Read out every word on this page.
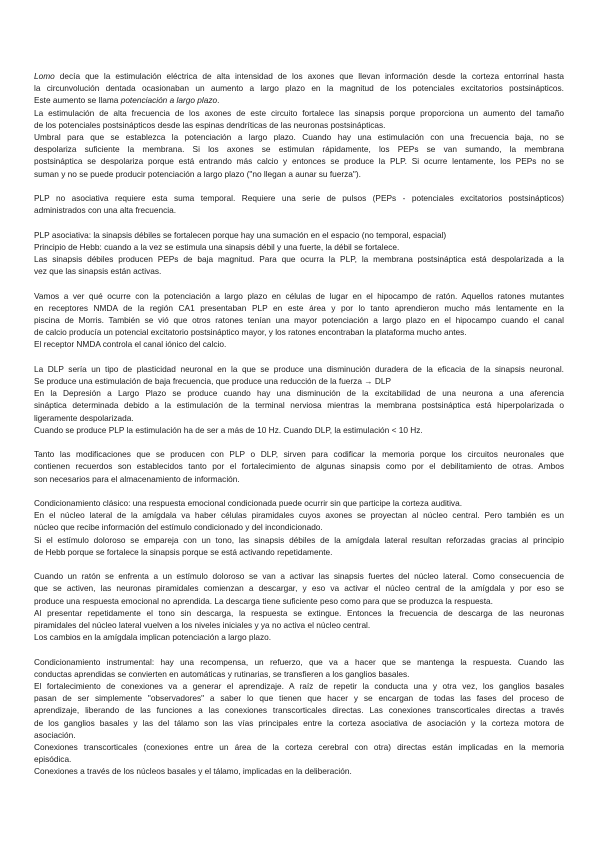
Lomo decía que la estimulación eléctrica de alta intensidad de los axones que llevan información desde la corteza entorrinal hasta
la circunvolución dentada ocasionaban un aumento a largo plazo en la magnitud de los potenciales excitatorios postsinápticos.
Este aumento se llama potenciación a largo plazo.
La estimulación de alta frecuencia de los axones de este circuito fortalece las sinapsis porque proporciona un aumento del tamaño
de los potenciales postsinápticos desde las espinas dendríticas de las neuronas postsinápticas.
Umbral para que se establezca la potenciación a largo plazo. Cuando hay una estimulación con una frecuencia baja, no se
despolariza suficiente la membrana. Si los axones se estimulan rápidamente, los PEPs se van sumando, la membrana
postsináptica se despolariza porque está entrando más calcio y entonces se produce la PLP. Si ocurre lentamente, los PEPs no se
suman y no se puede producir potenciación a largo plazo ("no llegan a aunar su fuerza").
PLP no asociativa requiere esta suma temporal. Requiere una serie de pulsos (PEPs - potenciales excitatorios postsinápticos)
administrados con una alta frecuencia.
PLP asociativa: la sinapsis débiles se fortalecen porque hay una sumación en el espacio (no temporal, espacial)
Principio de Hebb: cuando a la vez se estimula una sinapsis débil y una fuerte, la débil se fortalece.
Las sinapsis débiles producen PEPs de baja magnitud. Para que ocurra la PLP, la membrana postsináptica está despolarizada a la
vez que las sinapsis están activas.
Vamos a ver qué ocurre con la potenciación a largo plazo en células de lugar en el hipocampo de ratón. Aquellos ratones mutantes
en receptores NMDA de la región CA1 presentaban PLP en este área y por lo tanto aprendieron mucho más lentamente en la
piscina de Morris. También se vió que otros ratones tenían una mayor potenciación a largo plazo en el hipocampo cuando el canal
de calcio producía un potencial excitatorio postsináptico mayor, y los ratones encontraban la plataforma mucho antes.
El receptor NMDA controla el canal iónico del calcio.
La DLP sería un tipo de plasticidad neuronal en la que se produce una disminución duradera de la eficacia de la sinapsis neuronal.
Se produce una estimulación de baja frecuencia, que produce una reducción de la fuerza → DLP
En la Depresión a Largo Plazo se produce cuando hay una disminución de la excitabilidad de una neurona a una aferencia
sináptica determinada debido a la estimulación de la terminal nerviosa mientras la membrana postsináptica está hiperpolarizada o
ligeramente despolarizada.
Cuando se produce PLP la estimulación ha de ser a más de 10 Hz. Cuando DLP, la estimulación < 10 Hz.
Tanto las modificaciones que se producen con PLP o DLP, sirven para codificar la memoria porque los circuitos neuronales que
contienen recuerdos son establecidos tanto por el fortalecimiento de algunas sinapsis como por el debilitamiento de otras. Ambos
son necesarios para el almacenamiento de información.
Condicionamiento clásico: una respuesta emocional condicionada puede ocurrir sin que participe la corteza auditiva.
En el núcleo lateral de la amígdala va haber células piramidales cuyos axones se proyectan al núcleo central. Pero también es un
núcleo que recibe información del estímulo condicionado y del incondicionado.
Si el estímulo doloroso se empareja con un tono, las sinapsis débiles de la amígdala lateral resultan reforzadas gracias al principio
de Hebb porque se fortalece la sinapsis porque se está activando repetidamente.
Cuando un ratón se enfrenta a un estímulo doloroso se van a activar las sinapsis fuertes del núcleo lateral. Como consecuencia de
que se activen, las neuronas piramidales comienzan a descargar, y eso va activar el núcleo central de la amígdala y por eso se
produce una respuesta emocional no aprendida. La descarga tiene suficiente peso como para que se produzca la respuesta.
Al presentar repetidamente el tono sin descarga, la respuesta se extingue. Entonces la frecuencia de descarga de las neuronas
piramidales del núcleo lateral vuelven a los niveles iniciales y ya no activa el núcleo central.
Los cambios en la amígdala implican potenciación a largo plazo.
Condicionamiento instrumental: hay una recompensa, un refuerzo, que va a hacer que se mantenga la respuesta. Cuando las
conductas aprendidas se convierten en automáticas y rutinarias, se transfieren a los ganglios basales.
El fortalecimiento de conexiones va a generar el aprendizaje. A raíz de repetir la conducta una y otra vez, los ganglios basales
pasan de ser simplemente "observadores" a saber lo que tienen que hacer y se encargan de todas las fases del proceso de
aprendizaje, liberando de las funciones a las conexiones transcorticales directas. Las conexiones transcorticales directas a través
de los ganglios basales y las del tálamo son las vías principales entre la corteza asociativa de asociación y la corteza motora de
asociación.
Conexiones transcorticales (conexiones entre un área de la corteza cerebral con otra) directas están implicadas en la memoria
episódica.
Conexiones a través de los núcleos basales y el tálamo, implicadas en la deliberación.
